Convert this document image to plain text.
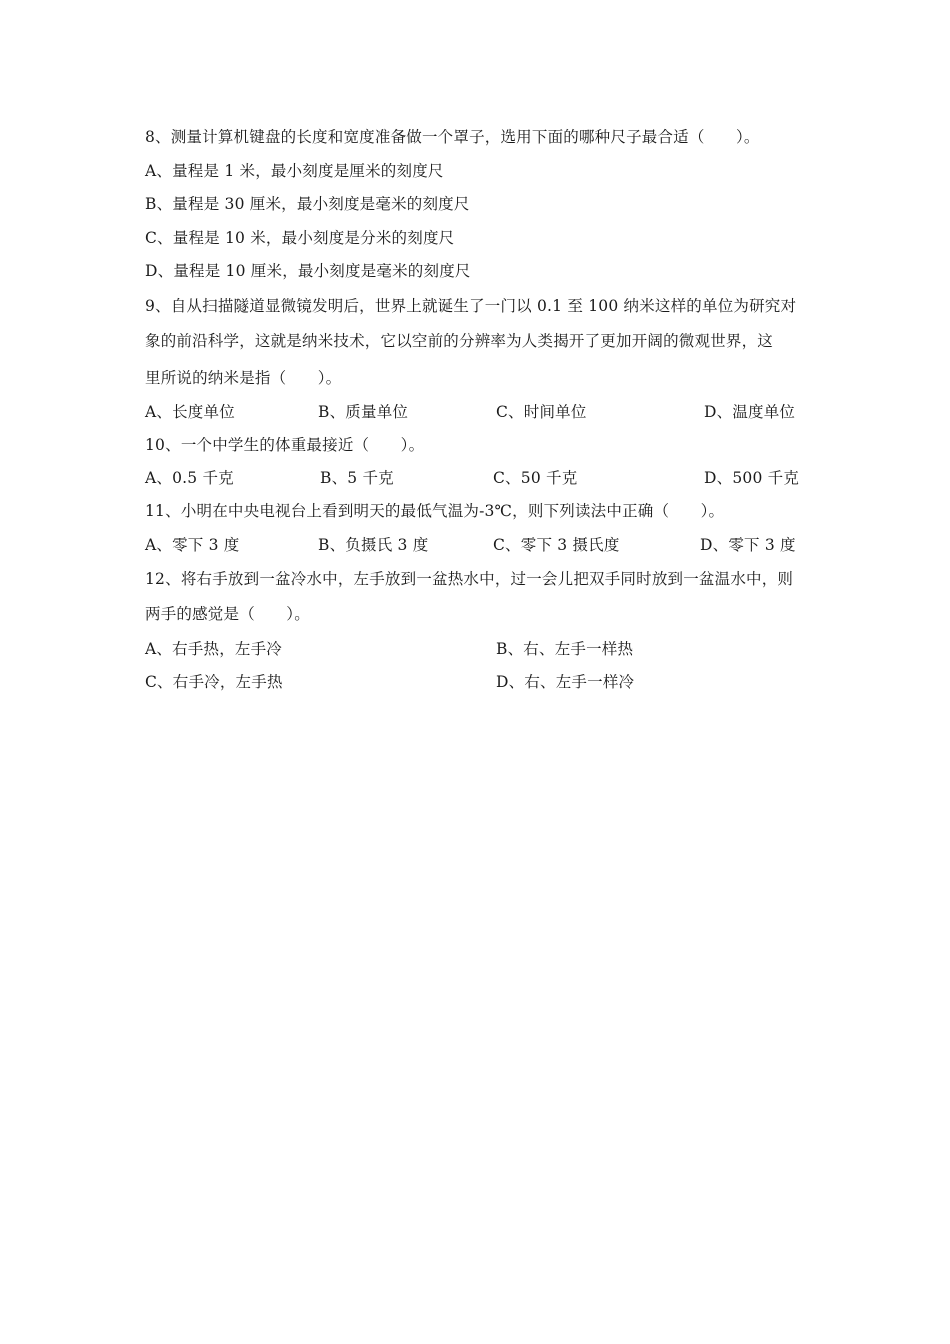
8、测量计算机键盘的长度和宽度准备做一个罩子，选用下面的哪种尺子最合适（　　）。
A、量程是 1 米，最小刻度是厘米的刻度尺
B、量程是 30 厘米，最小刻度是毫米的刻度尺
C、量程是 10 米，最小刻度是分米的刻度尺
D、量程是 10 厘米，最小刻度是毫米的刻度尺
9、自从扫描隧道显微镜发明后，世界上就诞生了一门以 0.1 至 100 纳米这样的单位为研究对
象的前沿科学，这就是纳米技术，它以空前的分辨率为人类揭开了更加开阔的微观世界，这
里所说的纳米是指（　　）。
A、长度单位	B、质量单位	C、时间单位	D、温度单位
10、一个中学生的体重最接近（　　）。
A、0.5 千克	B、5 千克	C、50 千克	D、500 千克
11、小明在中央电视台上看到明天的最低气温为-3℃，则下列读法中正确（　　）。
A、零下 3 度	B、负摄氏 3 度	C、零下 3 摄氏度	D、零下 3 度
12、将右手放到一盆冷水中，左手放到一盆热水中，过一会儿把双手同时放到一盆温水中，则
两手的感觉是（　　）。
A、右手热，左手冷	B、右、左手一样热
C、右手冷，左手热	D、右、左手一样冷
